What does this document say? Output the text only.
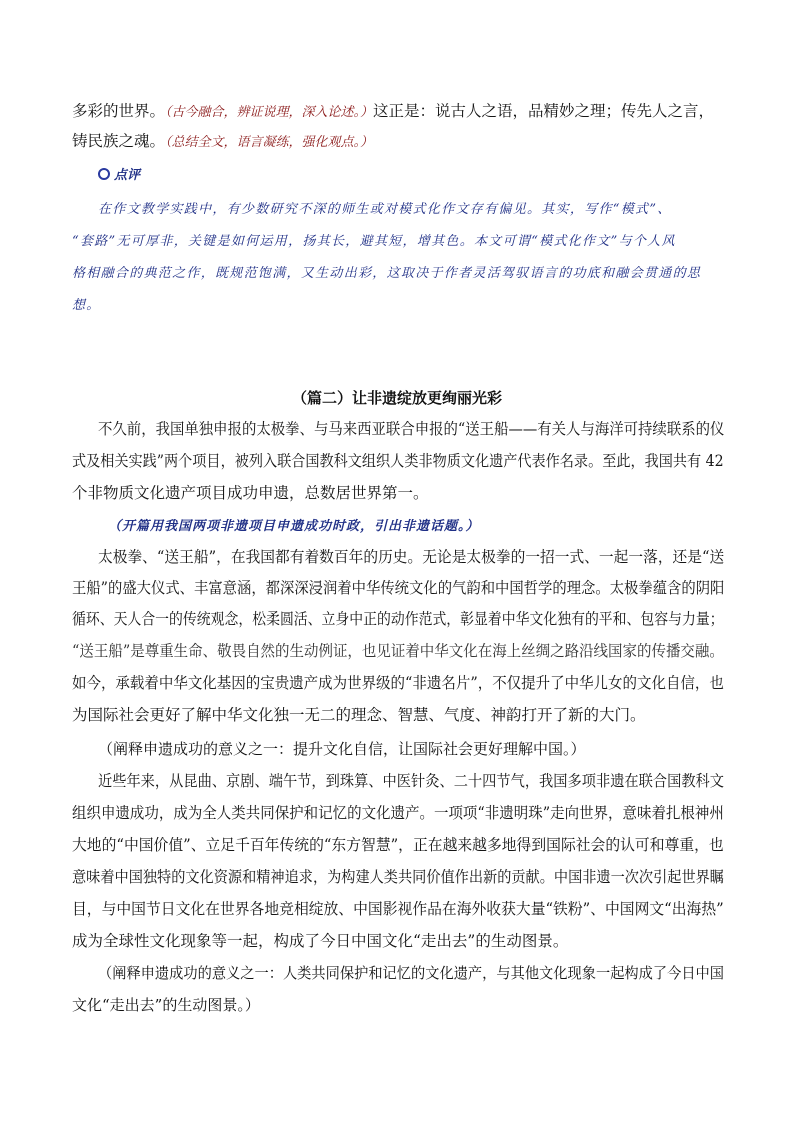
多彩的世界。（古今融合，辨证说理，深入论述。）这正是：说古人之语，品精妙之理；传先人之言，
铸民族之魂。（总结全文，语言凝练，强化观点。）
点评
在作文教学实践中，有少数研究不深的师生或对模式化作文存有偏见。其实，写作“模式”、
“套路”无可厚非，关键是如何运用，扬其长，避其短，增其色。本文可谓“模式化作文”与个人风
格相融合的典范之作，既规范饱满，又生动出彩，这取决于作者灵活驾驭语言的功底和融会贯通的思
想。
（篇二）让非遗绽放更绚丽光彩
不久前，我国单独申报的太极拳、与马来西亚联合申报的“送王船——有关人与海洋可持续联系的仪
式及相关实践”两个项目，被列入联合国教科文组织人类非物质文化遗产代表作名录。至此，我国共有 42
个非物质文化遗产项目成功申遗，总数居世界第一。
（开篇用我国两项非遗项目申遗成功时政，引出非遗话题。）
太极拳、“送王船”，在我国都有着数百年的历史。无论是太极拳的一招一式、一起一落，还是“送
王船”的盛大仪式、丰富意涵，都深深浸润着中华传统文化的气韵和中国哲学的理念。太极拳蕴含的阴阳
循环、天人合一的传统观念，松柔圆活、立身中正的动作范式，彰显着中华文化独有的平和、包容与力量；
“送王船”是尊重生命、敬畏自然的生动例证，也见证着中华文化在海上丝绸之路沿线国家的传播交融。
如今，承载着中华文化基因的宝贵遗产成为世界级的“非遗名片”，不仅提升了中华儿女的文化自信，也
为国际社会更好了解中华文化独一无二的理念、智慧、气度、神韵打开了新的大门。
（阐释申遗成功的意义之一：提升文化自信，让国际社会更好理解中国。）
近些年来，从昆曲、京剧、端午节，到珠算、中医针灸、二十四节气，我国多项非遗在联合国教科文
组织申遗成功，成为全人类共同保护和记忆的文化遗产。一项项“非遗明珠”走向世界，意味着扎根神州
大地的“中国价值”、立足千百年传统的“东方智慧”，正在越来越多地得到国际社会的认可和尊重，也
意味着中国独特的文化资源和精神追求，为构建人类共同价值作出新的贡献。中国非遗一次次引起世界瞩
目，与中国节日文化在世界各地竞相绽放、中国影视作品在海外收获大量“铁粉”、中国网文“出海热”
成为全球性文化现象等一起，构成了今日中国文化“走出去”的生动图景。
（阐释申遗成功的意义之一：人类共同保护和记忆的文化遗产，与其他文化现象一起构成了今日中国
文化“走出去”的生动图景。）
